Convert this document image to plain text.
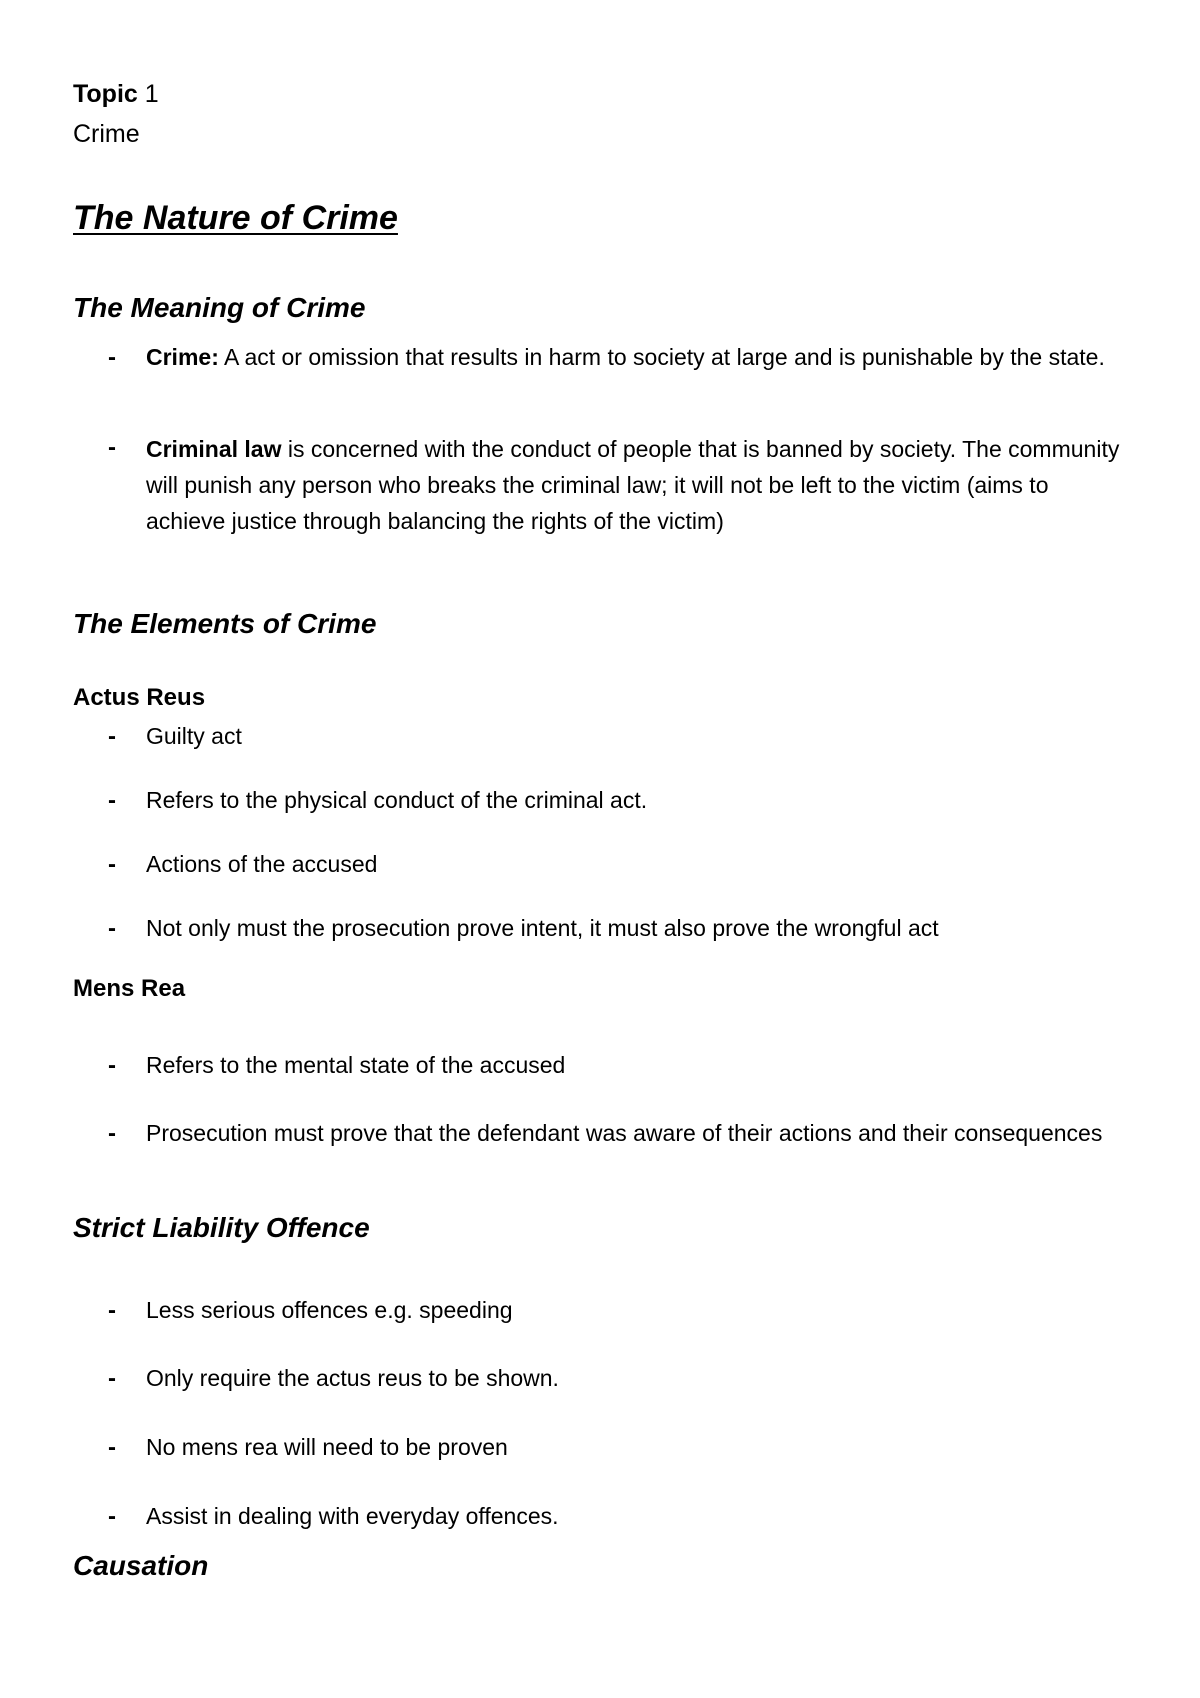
Topic 1
Crime
The Nature of Crime
The Meaning of Crime
- Crime: A act or omission that results in harm to society at large and is punishable by the state.
- Criminal law is concerned with the conduct of people that is banned by society. The community will punish any person who breaks the criminal law; it will not be left to the victim (aims to achieve justice through balancing the rights of the victim)
The Elements of Crime
Actus Reus
- Guilty act
- Refers to the physical conduct of the criminal act.
- Actions of the accused
- Not only must the prosecution prove intent, it must also prove the wrongful act
Mens Rea
- Refers to the mental state of the accused
- Prosecution must prove that the defendant was aware of their actions and their consequences
Strict Liability Offence
- Less serious offences e.g. speeding
- Only require the actus reus to be shown.
- No mens rea will need to be proven
- Assist in dealing with everyday offences.
Causation
